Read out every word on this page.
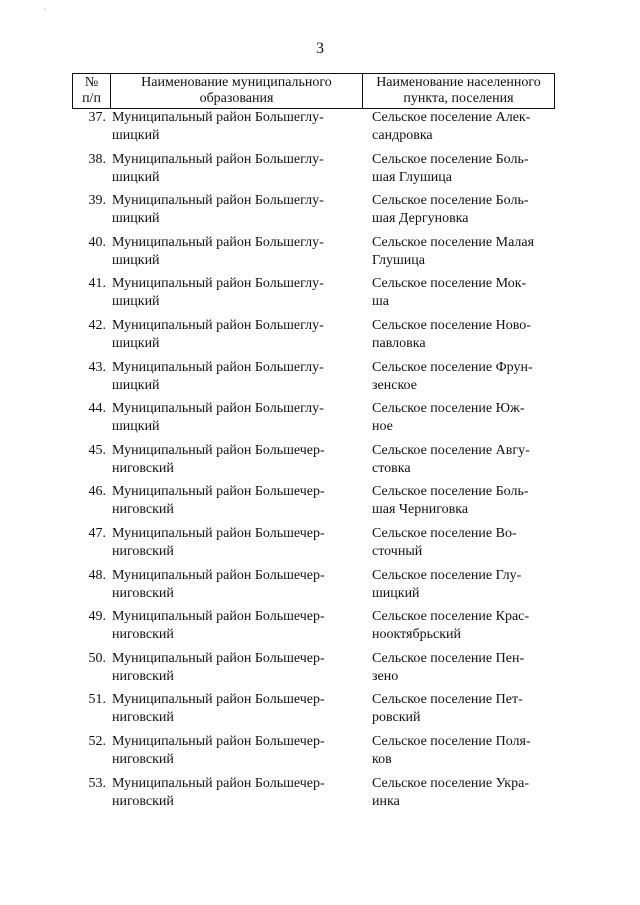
´
3
№
п/п
Наименование муниципального
образования
Наименование населенного
пункта, поселения
37. Муниципальный район Большеглу-
шицкий
Сельское поселение Алек-
сандровка
38. Муниципальный район Большеглу-
шицкий
Сельское поселение Боль-
шая Глушица
39. Муниципальный район Большеглу-
шицкий
Сельское поселение Боль-
шая Дергуновка
40. Муниципальный район Большеглу-
шицкий
Сельское поселение Малая
Глушица
41. Муниципальный район Большеглу-
шицкий
Сельское поселение Мок-
ша
42. Муниципальный район Большеглу-
шицкий
Сельское поселение Ново-
павловка
43. Муниципальный район Большеглу-
шицкий
Сельское поселение Фрун-
зенское
44. Муниципальный район Большеглу-
шицкий
Сельское поселение Юж-
ное
45. Муниципальный район Большечер-
ниговский
Сельское поселение Авгу-
стовка
46. Муниципальный район Большечер-
ниговский
Сельское поселение Боль-
шая Черниговка
47. Муниципальный район Большечер-
ниговский
Сельское поселение Во-
сточный
48. Муниципальный район Большечер-
ниговский
Сельское поселение Глу-
шицкий
49. Муниципальный район Большечер-
ниговский
Сельское поселение Крас-
нооктябрьский
50. Муниципальный район Большечер-
ниговский
Сельское поселение Пен-
зено
51. Муниципальный район Большечер-
ниговский
Сельское поселение Пет-
ровский
52. Муниципальный район Большечер-
ниговский
Сельское поселение Поля-
ков
53. Муниципальный район Большечер-
ниговский
Сельское поселение Укра-
инка
